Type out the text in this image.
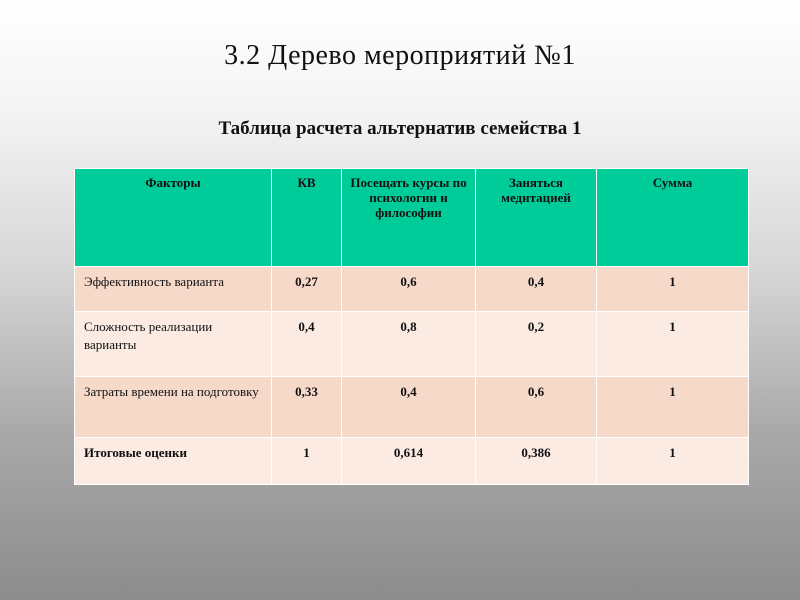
3.2 Дерево мероприятий №1
Таблица расчета альтернатив семейства 1
Факторы	КВ	Посещать курсы по психологии и философии	Заняться медитацией	Сумма
Эффективность варианта	0,27	0,6	0,4	1
Сложность реализации варианты	0,4	0,8	0,2	1
Затраты времени на подготовку	0,33	0,4	0,6	1
Итоговые оценки	1	0,614	0,386	1
